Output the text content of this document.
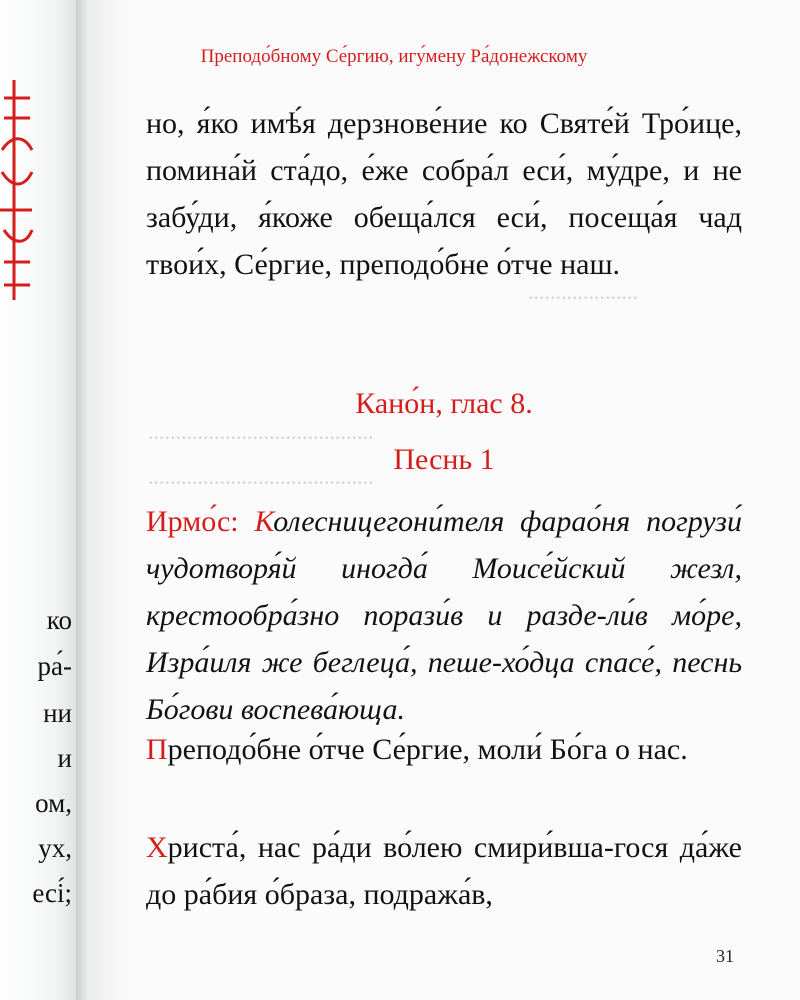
ко
ра́-
ни
и
ом,
ух,
есі́;
∙∙∙∙∙∙∙∙∙∙∙∙∙∙∙∙∙∙∙∙
∙∙∙∙∙∙∙∙∙∙∙∙∙∙∙∙∙∙∙∙∙∙∙∙∙∙∙∙∙∙∙∙∙∙∙∙∙∙∙∙∙
∙∙∙∙∙∙∙∙∙∙∙∙∙∙∙∙∙∙∙∙∙∙∙∙∙∙∙∙∙∙∙∙∙∙∙∙∙∙∙∙∙
Преподо́бному Се́ргию, игу́мену Ра́донежскому

но, я́ко имѣ́я дерзнове́ние ко Святе́й Тро́ице, помина́й ста́до, е́же собра́л еси́, му́дре, и не забу́ди, я́коже обеща́лся еси́, посеща́я чад твои́х, Се́ргие, преподо́бне о́тче наш.

Кано́н, глас 8.
Песнь 1

Ирмо́с: Колесницегони́теля фарао́ня погрузи́ чудотворя́й иногда́ Моисе́йский жезл, крестообра́зно порази́в и разде-ли́в мо́ре, Изра́иля же беглеца́, пеше-хо́дца спасе́, песнь Бо́гови воспева́юща.

Преподо́бне о́тче Се́ргие, моли́ Бо́га о нас.

Христа́, нас ра́ди во́лею смири́вша-гося да́же до ра́бия о́браза, подража́в,

31
